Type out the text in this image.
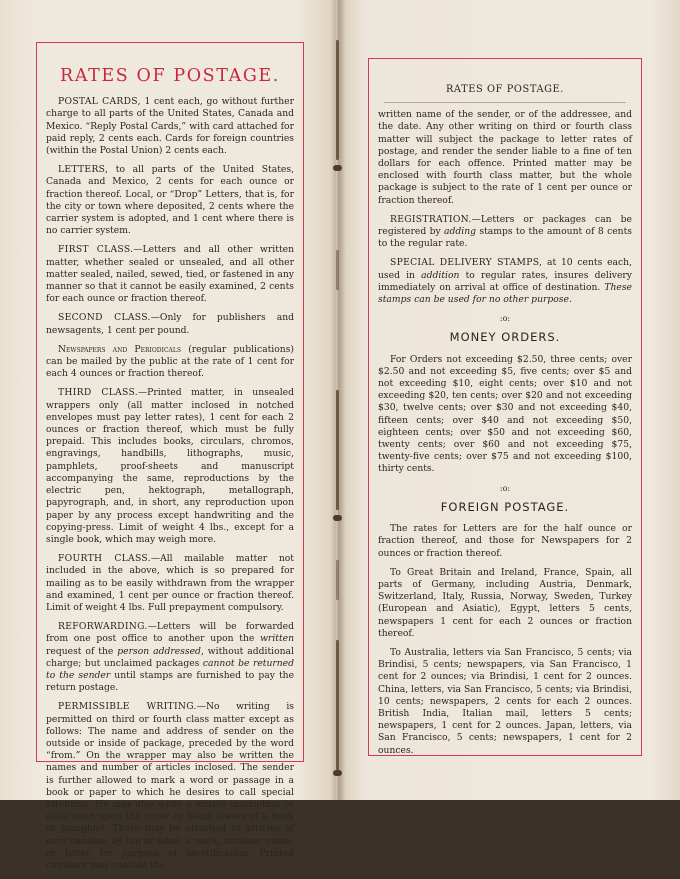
RATES OF POSTAGE.

POSTAL CARDS, 1 cent each, go without further charge to all parts of the United States, Canada and Mexico. “Reply Postal Cards,” with card attached for paid reply, 2 cents each. Cards for foreign countries (within the Postal Union) 2 cents each.

LETTERS, to all parts of the United States, Canada and Mexico, 2 cents for each ounce or fraction thereof. Local, or “Drop” Letters, that is, for the city or town where deposited, 2 cents where the carrier system is adopted, and 1 cent where there is no carrier system.

FIRST CLASS.—Letters and all other written matter, whether sealed or unsealed, and all other matter sealed, nailed, sewed, tied, or fastened in any manner so that it cannot be easily examined, 2 cents for each ounce or fraction thereof.

SECOND CLASS.—Only for publishers and newsagents, 1 cent per pound.

Newspapers and Periodicals (regular publications) can be mailed by the public at the rate of 1 cent for each 4 ounces or fraction thereof.

THIRD CLASS.—Printed matter, in unsealed wrappers only (all matter inclosed in notched envelopes must pay letter rates), 1 cent for each 2 ounces or fraction thereof, which must be fully prepaid. This includes books, circulars, chromos, engravings, handbills, lithographs, music, pamphlets, proof-sheets and manuscript accompanying the same, reproductions by the electric pen, hektograph, metallograph, papyrograph, and, in short, any reproduction upon paper by any process except handwriting and the copying-press. Limit of weight 4 lbs., except for a single book, which may weigh more.

FOURTH CLASS.—All mailable matter not included in the above, which is so prepared for mailing as to be easily withdrawn from the wrapper and examined, 1 cent per ounce or fraction thereof. Limit of weight 4 lbs. Full prepayment compulsory.

REFORWARDING.—Letters will be forwarded from one post office to another upon the written request of the person addressed, without additional charge; but unclaimed packages cannot be returned to the sender until stamps are furnished to pay the return postage.

PERMISSIBLE WRITING.—No writing is permitted on third or fourth class matter except as follows: The name and address of sender on the outside or inside of package, preceded by the word “from.” On the wrapper may also be written the names and number of articles inclosed. The sender is further allowed to mark a word or passage in a book or paper to which he desires to call special attention. He may also write a simple inscription or dedication upon the cover or blank leaves of a book or pamphlet. There may be attached to articles of merchandise, by tag or label, a mark, number, name, or letter for purpose of identification. Printed circulars may contain the

RATES OF POSTAGE.

written name of the sender, or of the addressee, and the date. Any other writing on third or fourth class matter will subject the package to letter rates of postage, and render the sender liable to a fine of ten dollars for each offence. Printed matter may be enclosed with fourth class matter, but the whole package is subject to the rate of 1 cent per ounce or fraction thereof.

REGISTRATION.—Letters or packages can be registered by adding stamps to the amount of 8 cents to the regular rate.

SPECIAL DELIVERY STAMPS, at 10 cents each, used in addition to regular rates, insures delivery immediately on arrival at office of destination. These stamps can be used for no other purpose.

:o:
MONEY ORDERS.

For Orders not exceeding $2.50, three cents; over $2.50 and not exceeding $5, five cents; over $5 and not exceeding $10, eight cents; over $10 and not exceeding $20, ten cents; over $20 and not exceeding $30, twelve cents; over $30 and not exceeding $40, fifteen cents; over $40 and not exceeding $50, eighteen cents; over $50 and not exceeding $60, twenty cents; over $60 and not exceeding $75, twenty-five cents; over $75 and not exceeding $100, thirty cents.

:o:
FOREIGN POSTAGE.

The rates for Letters are for the half ounce or fraction thereof, and those for Newspapers for 2 ounces or fraction thereof.

To Great Britain and Ireland, France, Spain, all parts of Germany, including Austria, Denmark, Switzerland, Italy, Russia, Norway, Sweden, Turkey (European and Asiatic), Egypt, letters 5 cents, newspapers 1 cent for each 2 ounces or fraction thereof.

To Australia, letters via San Francisco, 5 cents; via Brindisi, 5 cents; newspapers, via San Francisco, 1 cent for 2 ounces; via Brindisi, 1 cent for 2 ounces. China, letters, via San Francisco, 5 cents; via Brindisi, 10 cents; newspapers, 2 cents for each 2 ounces. British India, Italian mail, letters 5 cents; newspapers, 1 cent for 2 ounces. Japan, letters, via San Francisco, 5 cents; newspapers, 1 cent for 2 ounces.
